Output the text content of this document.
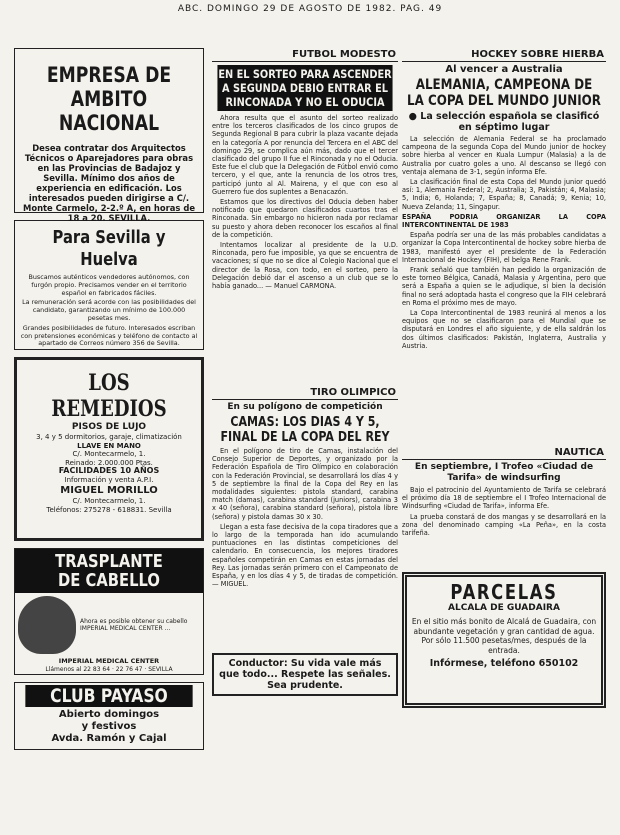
ABC. DOMINGO 29 DE AGOSTO DE 1982. PAG. 49
EMPRESA DE AMBITO NACIONAL
Desea contratar dos Arquitectos Técnicos o Aparejadores para obras en las Provincias de Badajoz y Sevilla. Mínimo dos años de experiencia en edificación. Los interesados pueden dirigirse a C/. Monte Carmelo, 2-2.º A, en horas de 18 a 20. SEVILLA.
Para Sevilla y Huelva
Buscamos auténticos vendedores autónomos, con furgón propio. Precisamos vender en el territorio español en fabricados fáciles.
La remuneración será acorde con las posibilidades del candidato, garantizando un mínimo de 100.000 pesetas mes.
Grandes posibilidades de futuro. Interesados escriban con pretensiones económicas y teléfono de contacto al apartado de Correos número 356 de Sevilla.
LOS REMEDIOS
PISOS DE LUJO
3, 4 y 5 dormitorios, garaje, climatización
LLAVE EN MANO
C/. Montecarmelo, 1.
Reinado: 2.000.000 Ptas.
FACILIDADES 10 AÑOS
Información y venta A.P.I.
MIGUEL MORILLO
C/. Montecarmelo, 1.
Teléfonos: 275278 - 618831. Sevilla
TRASPLANTE
DE CABELLO
Ahora es posible obtener su cabello IMPERIAL MEDICAL CENTER ...
IMPERIAL MEDICAL CENTER
Llámenos al 22 83 64 · 22 76 47 · SEVILLA
CLUB PAYASO
Abierto domingos
y festivos
Avda. Ramón y Cajal
FUTBOL MODESTO
EN EL SORTEO PARA ASCENDER A SEGUNDA DEBIO ENTRAR EL RINCONADA Y NO EL ODUCIA

Ahora resulta que el asunto del sorteo realizado entre los terceros clasificados de los cinco grupos de Segunda Regional B para cubrir la plaza vacante dejada en la categoría A por renuncia del Tercera en el ABC del domingo 29, se complica aún más, dado que el tercer clasificado del grupo II fue el Rinconada y no el Oducia. Este fue el club que la Delegación de Fútbol envió como tercero, y el que, ante la renuncia de los otros tres, participó junto al Al. Mairena, y el que con eso al Guerrero fue dos suplentes a Benacazón.

Estamos que los directivos del Oducia deben haber notificado que quedaron clasificados cuartos tras el Rinconada. Sin embargo no hicieron nada por reclamar su puesto y ahora deben reconocer los escaños al final de la competición.

Intentamos localizar al presidente de la U.D. Rinconada, pero fue imposible, ya que se encuentra de vacaciones; sí que no se dice al Colegio Nacional que el director de la Rosa, con todo, en el sorteo, pero la Delegación debió dar el ascenso a un club que se lo había ganado... — Manuel CARMONA.

TIRO OLIMPICO
En su polígono de competición
CAMAS: LOS DIAS 4 Y 5, FINAL DE LA COPA DEL REY

En el polígono de tiro de Camas, instalación del Consejo Superior de Deportes, y organizado por la Federación Española de Tiro Olímpico en colaboración con la Federación Provincial, se desarrollará los días 4 y 5 de septiembre la final de la Copa del Rey en las modalidades siguientes: pistola standard, carabina match (damas), carabina standard (juniors), carabina 3 x 40 (señora), carabina standard (señora), pistola libre (señora) y pistola damas 30 x 30.

Llegan a esta fase decisiva de la copa tiradores que a lo largo de la temporada han ido acumulando puntuaciones en las distintas competiciones del calendario. En consecuencia, los mejores tiradores españoles competirán en Camas en estas jornadas del Rey. Las jornadas serán primero con el Campeonato de España, y en los días 4 y 5, de tiradas de competición. — MIGUEL.

Conductor: Su vida vale más
que todo... Respete las señales. Sea prudente.
HOCKEY SOBRE HIERBA
Al vencer a Australia
ALEMANIA, CAMPEONA DE LA COPA DEL MUNDO JUNIOR
● La selección española se clasificó en séptimo lugar

La selección de Alemania Federal se ha proclamado campeona de la segunda Copa del Mundo junior de hockey sobre hierba al vencer en Kuala Lumpur (Malasia) a la de Australia por cuatro goles a uno. Al descanso se llegó con ventaja alemana de 3-1, según informa Efe.

La clasificación final de esta Copa del Mundo junior quedó así: 1, Alemania Federal; 2, Australia; 3, Pakistán; 4, Malasia; 5, India; 6, Holanda; 7, España; 8, Canadá; 9, Kenia; 10, Nueva Zelanda; 11, Singapur.

ESPAÑA PODRIA ORGANIZAR LA COPA INTERCONTINENTAL DE 1983

España podría ser una de las más probables candidatas a organizar la Copa Intercontinental de hockey sobre hierba de 1983, manifestó ayer el presidente de la Federación Internacional de Hockey (FIH), el belga Rene Frank.

Frank señaló que también han pedido la organización de este torneo Bélgica, Canadá, Malasia y Argentina, pero que será a España a quien se le adjudique, si bien la decisión final no será adoptada hasta el congreso que la FIH celebrará en Roma el próximo mes de mayo.

La Copa Intercontinental de 1983 reunirá al menos a los equipos que no se clasificaron para el Mundial que se disputará en Londres el año siguiente, y de ella saldrán los dos últimos clasificados: Pakistán, Inglaterra, Australia y Austria.

NAUTICA
En septiembre, I Trofeo «Ciudad de Tarifa» de windsurfing

Bajo el patrocinio del Ayuntamiento de Tarifa se celebrará el próximo día 18 de septiembre el I Trofeo Internacional de Windsurfing «Ciudad de Tarifa», informa Efe.

La prueba constará de dos mangas y se desarrollará en la zona del denominado camping «La Peña», en la costa tarifeña.

PARCELAS
ALCALA DE GUADAIRA
En el sitio más bonito de Alcalá de Guadaira, con
abundante vegetación y gran cantidad de agua.
Por sólo 11.500 pesetas/mes, después de la entrada.
Infórmese, teléfono 650102
